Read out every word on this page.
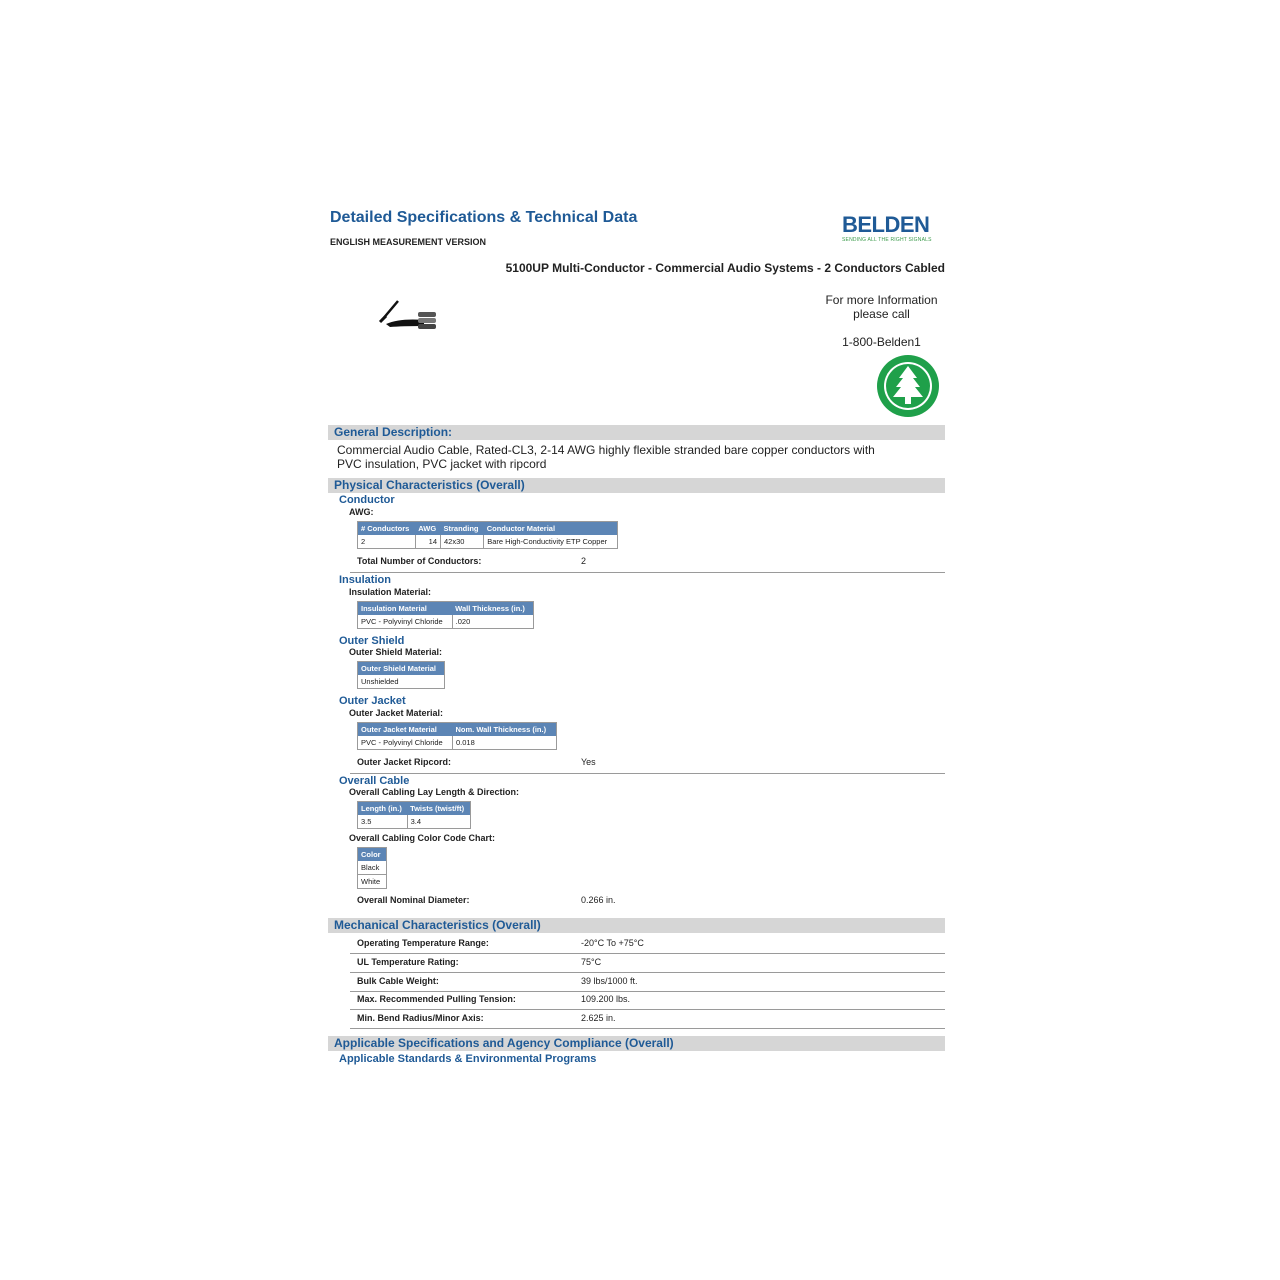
Detailed Specifications & Technical Data
ENGLISH MEASUREMENT VERSION
BELDEN
SENDING ALL THE RIGHT SIGNALS
5100UP Multi-Conductor - Commercial Audio Systems - 2 Conductors Cabled
For more Information
please call
1-800-Belden1
General Description:
Commercial Audio Cable, Rated-CL3, 2-14 AWG highly flexible stranded bare copper conductors with PVC insulation, PVC jacket with ripcord
Physical Characteristics (Overall)
Conductor
AWG:
# Conductors	AWG	Stranding	Conductor Material
2	14	42x30	Bare High-Conductivity ETP Copper
Total Number of Conductors:	2
Insulation
Insulation Material:
Insulation Material	Wall Thickness (in.)
PVC - Polyvinyl Chloride	.020
Outer Shield
Outer Shield Material:
Outer Shield Material
Unshielded
Outer Jacket
Outer Jacket Material:
Outer Jacket Material	Nom. Wall Thickness (in.)
PVC - Polyvinyl Chloride	0.018
Outer Jacket Ripcord:	Yes
Overall Cable
Overall Cabling Lay Length & Direction:
Length (in.)	Twists (twist/ft)
3.5	3.4
Overall Cabling Color Code Chart:
Color
Black
White
Overall Nominal Diameter:	0.266 in.
Mechanical Characteristics (Overall)
Operating Temperature Range:	-20°C To +75°C
UL Temperature Rating:	75°C
Bulk Cable Weight:	39 lbs/1000 ft.
Max. Recommended Pulling Tension:	109.200 lbs.
Min. Bend Radius/Minor Axis:	2.625 in.
Applicable Specifications and Agency Compliance (Overall)
Applicable Standards & Environmental Programs
